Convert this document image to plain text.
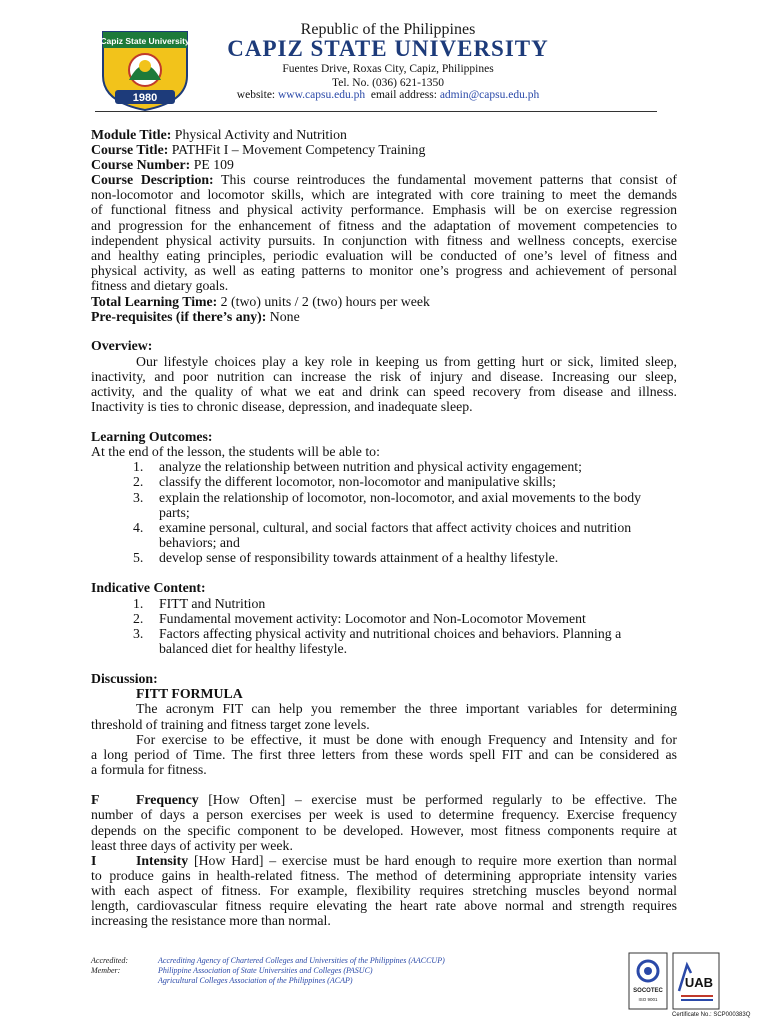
Capiz State University
1980
Republic of the Philippines
CAPIZ STATE UNIVERSITY
Fuentes Drive, Roxas City, Capiz, Philippines
Tel. No. (036) 621-1350
website: www.capsu.edu.ph  email address: admin@capsu.edu.ph
Module Title: Physical Activity and Nutrition
Course Title: PATHFit I – Movement Competency Training
Course Number: PE 109
Course Description: This course reintroduces the fundamental movement patterns that consist of
non-locomotor and locomotor skills, which are integrated with core training to meet the demands
of functional fitness and physical activity performance. Emphasis will be on exercise regression
and progression for the enhancement of fitness and the adaptation of movement competencies to
independent physical activity pursuits. In conjunction with fitness and wellness concepts, exercise
and healthy eating principles, periodic evaluation will be conducted of one’s level of fitness and
physical activity, as well as eating patterns to monitor one’s progress and achievement of personal
fitness and dietary goals.
Total Learning Time: 2 (two) units / 2 (two) hours per week
Pre-requisites (if there’s any): None
Overview:
Our lifestyle choices play a key role in keeping us from getting hurt or sick, limited sleep,
inactivity, and poor nutrition can increase the risk of injury and disease. Increasing our sleep,
activity, and the quality of what we eat and drink can speed recovery from disease and illness.
Inactivity is ties to chronic disease, depression, and inadequate sleep.
Learning Outcomes:
At the end of the lesson, the students will be able to:
1. analyze the relationship between nutrition and physical activity engagement;
2. classify the different locomotor, non-locomotor and manipulative skills;
3. explain the relationship of locomotor, non-locomotor, and axial movements to the body
parts;
4. examine personal, cultural, and social factors that affect activity choices and nutrition
behaviors; and
5. develop sense of responsibility towards attainment of a healthy lifestyle.
Indicative Content:
1. FITT and Nutrition
2. Fundamental movement activity: Locomotor and Non-Locomotor Movement
3. Factors affecting physical activity and nutritional choices and behaviors. Planning a
balanced diet for healthy lifestyle.
Discussion:
FITT FORMULA
The acronym FIT can help you remember the three important variables for determining
threshold of training and fitness target zone levels.
For exercise to be effective, it must be done with enough Frequency and Intensity and for
a long period of Time. The first three letters from these words spell FIT and can be considered as
a formula for fitness.
F	Frequency [How Often] – exercise must be performed regularly to be effective. The
number of days a person exercises per week is used to determine frequency. Exercise frequency
depends on the specific component to be developed. However, most fitness components require at
least three days of activity per week.
I	Intensity [How Hard] – exercise must be hard enough to require more exertion than normal
to produce gains in health-related fitness. The method of determining appropriate intensity varies
with each aspect of fitness. For example, flexibility requires stretching muscles beyond normal
length, cardiovascular fitness require elevating the heart rate above normal and strength requires
increasing the resistance more than normal.
Accredited:	Accrediting Agency of Chartered Colleges and Universities of the Philippines (AACCUP)
Member:	Philippine Association of State Universities and Colleges (PASUC)
Agricultural Colleges Association of the Philippines (ACAP)
SOCOTEC
ISO 9001
UAB
Certificate No.: SCP000383Q
